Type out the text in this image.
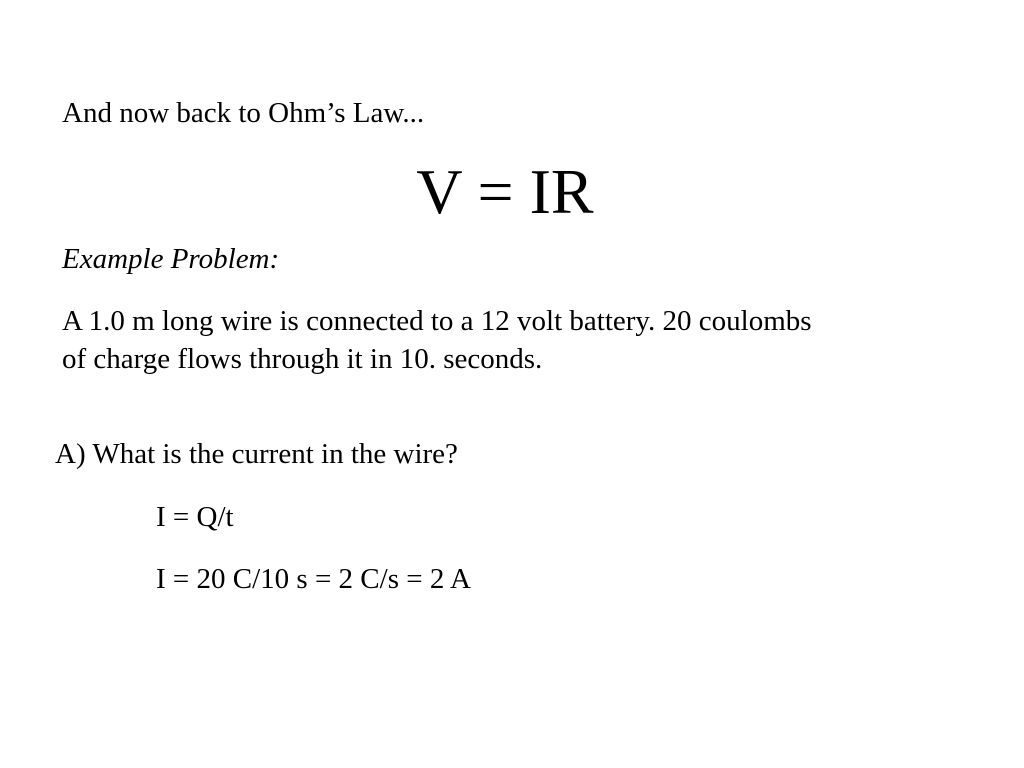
And now back to Ohm’s Law...
V = IR
Example Problem:
A 1.0 m long wire is connected to a 12 volt battery. 20 coulombs of charge flows through it in 10. seconds.
A) What is the current in the wire?
I = Q/t
I = 20 C/10 s = 2 C/s = 2 A
